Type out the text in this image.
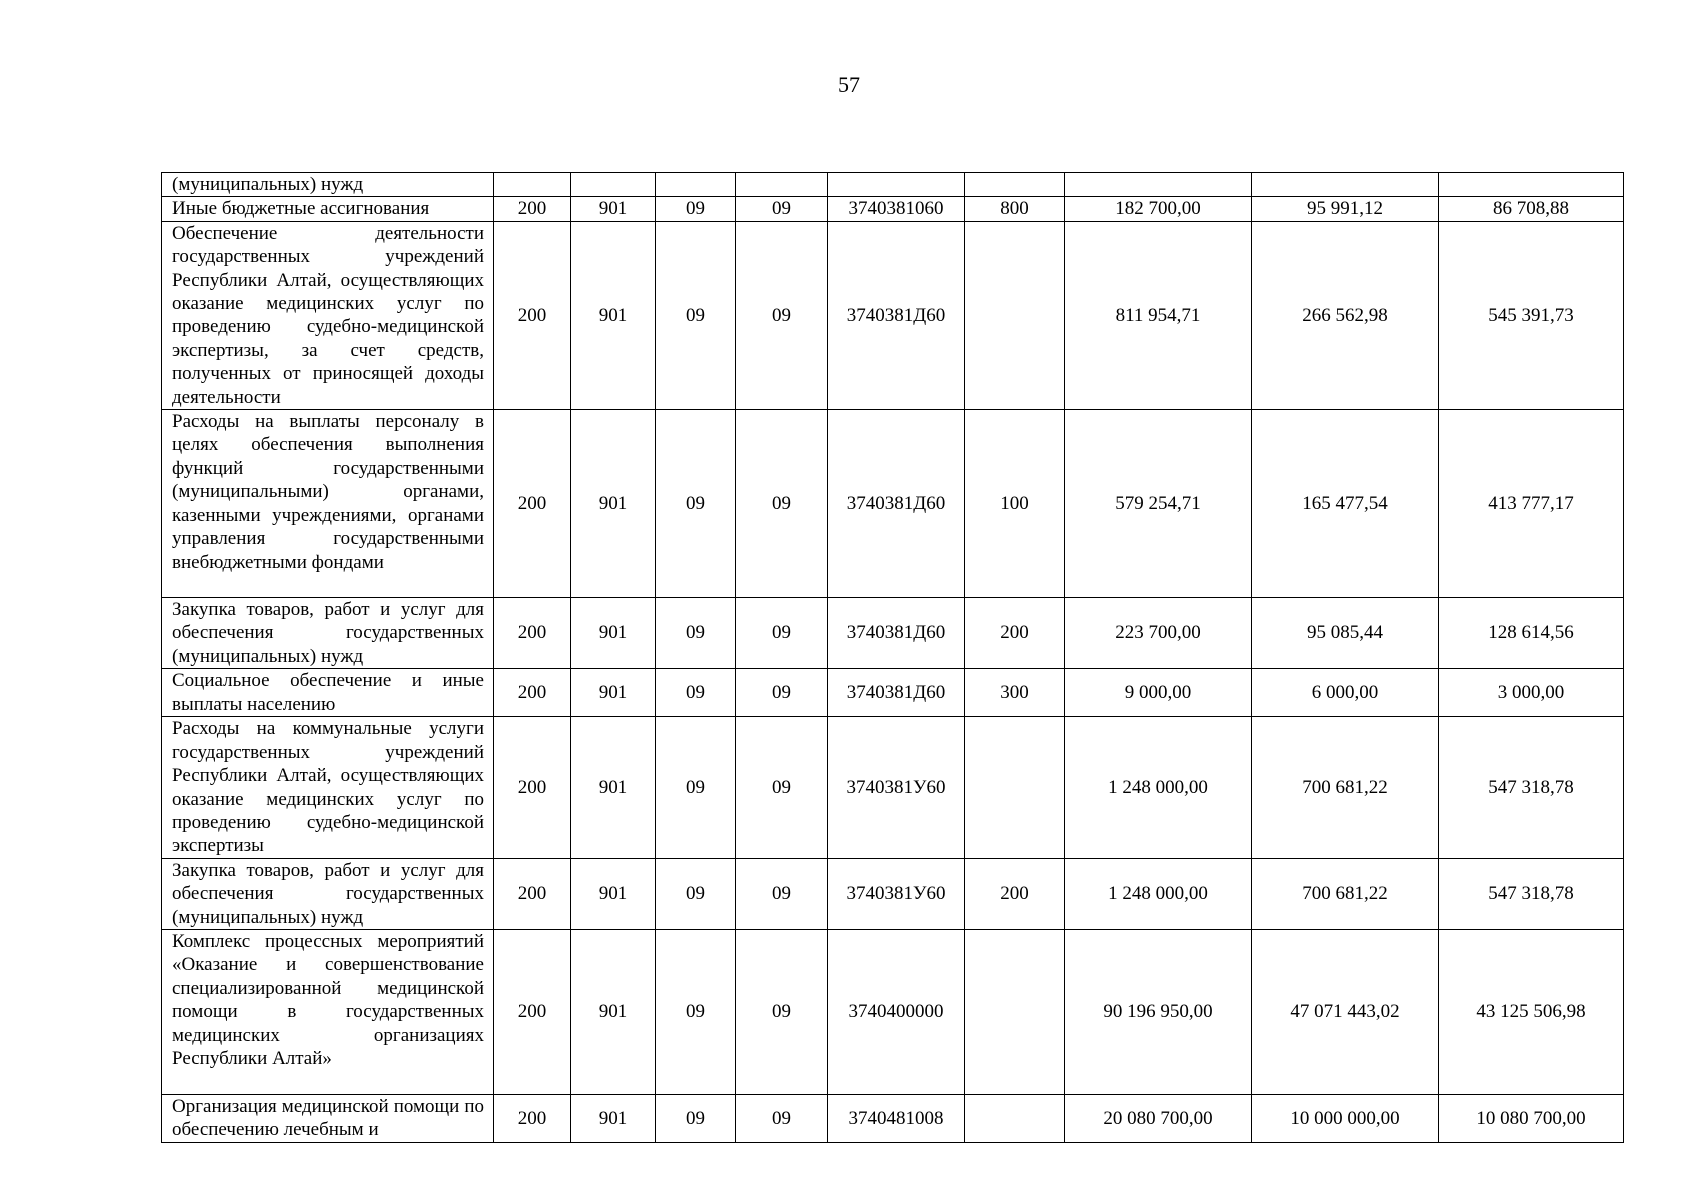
57
(муниципальных) нужд									
Иные бюджетные ассигнования	200	901	09	09	3740381060	800	182 700,00	95 991,12	86 708,88
Обеспечение деятельности государственных учреждений Республики Алтай, осуществляющих оказание медицинских услуг по проведению судебно-медицинской экспертизы, за счет средств, полученных от приносящей доходы деятельности	200	901	09	09	3740381Д60		811 954,71	266 562,98	545 391,73
Расходы на выплаты персоналу в целях обеспечения выполнения функций государственными (муниципальными) органами, казенными учреждениями, органами управления государственными внебюджетными фондами	200	901	09	09	3740381Д60	100	579 254,71	165 477,54	413 777,17
Закупка товаров, работ и услуг для обеспечения государственных (муниципальных) нужд	200	901	09	09	3740381Д60	200	223 700,00	95 085,44	128 614,56
Социальное обеспечение и иные выплаты населению	200	901	09	09	3740381Д60	300	9 000,00	6 000,00	3 000,00
Расходы на коммунальные услуги государственных учреждений Республики Алтай, осуществляющих оказание медицинских услуг по проведению судебно-медицинской экспертизы	200	901	09	09	3740381У60		1 248 000,00	700 681,22	547 318,78
Закупка товаров, работ и услуг для обеспечения государственных (муниципальных) нужд	200	901	09	09	3740381У60	200	1 248 000,00	700 681,22	547 318,78
Комплекс процессных мероприятий «Оказание и совершенствование специализированной медицинской помощи в государственных медицинских организациях Республики Алтай»	200	901	09	09	3740400000		90 196 950,00	47 071 443,02	43 125 506,98
Организация медицинской помощи по обеспечению лечебным и	200	901	09	09	3740481008		20 080 700,00	10 000 000,00	10 080 700,00
